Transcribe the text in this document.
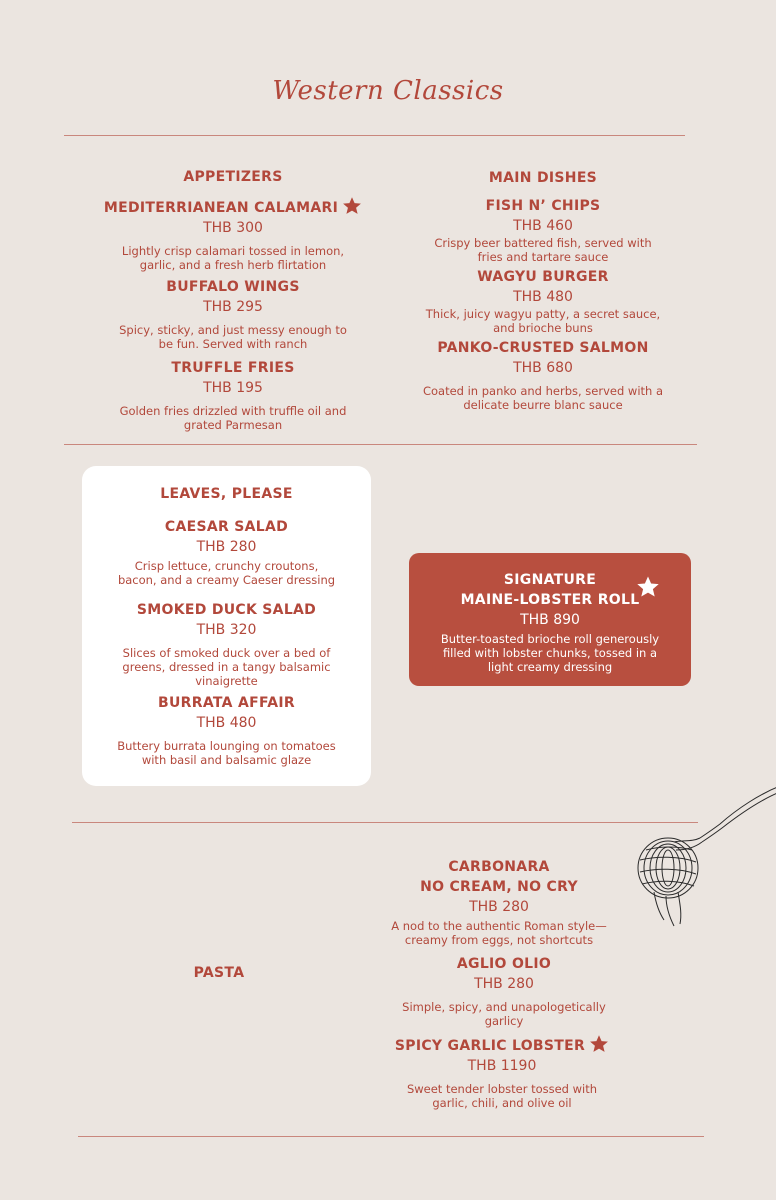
Western Classics
APPETIZERS
MEDITERRIANEAN CALAMARI
THB 300
Lightly crisp calamari tossed in lemon, garlic, and a fresh herb flirtation
BUFFALO WINGS
THB 295
Spicy, sticky, and just messy enough to be fun. Served with ranch
TRUFFLE FRIES
THB 195
Golden fries drizzled with truffle oil and grated Parmesan
MAIN DISHES
FISH N’ CHIPS
THB 460
Crispy beer battered fish, served with fries and tartare sauce
WAGYU BURGER
THB 480
Thick, juicy wagyu patty, a secret sauce, and brioche buns
PANKO-CRUSTED SALMON
THB 680
Coated in panko and herbs, served with a delicate beurre blanc sauce
LEAVES, PLEASE
CAESAR SALAD
THB 280
Crisp lettuce, crunchy croutons, bacon, and a creamy Caeser dressing
SMOKED DUCK SALAD
THB 320
Slices of smoked duck over a bed of greens, dressed in a tangy balsamic vinaigrette
BURRATA AFFAIR
THB 480
Buttery burrata lounging on tomatoes with basil and balsamic glaze
SIGNATURE
MAINE-LOBSTER ROLL
THB 890
Butter-toasted brioche roll generously filled with lobster chunks, tossed in a light creamy dressing
PASTA
CARBONARA
NO CREAM, NO CRY
THB 280
A nod to the authentic Roman style—creamy from eggs, not shortcuts
AGLIO OLIO
THB 280
Simple, spicy, and unapologetically garlicy
SPICY GARLIC LOBSTER
THB 1190
Sweet tender lobster tossed with garlic, chili, and olive oil
